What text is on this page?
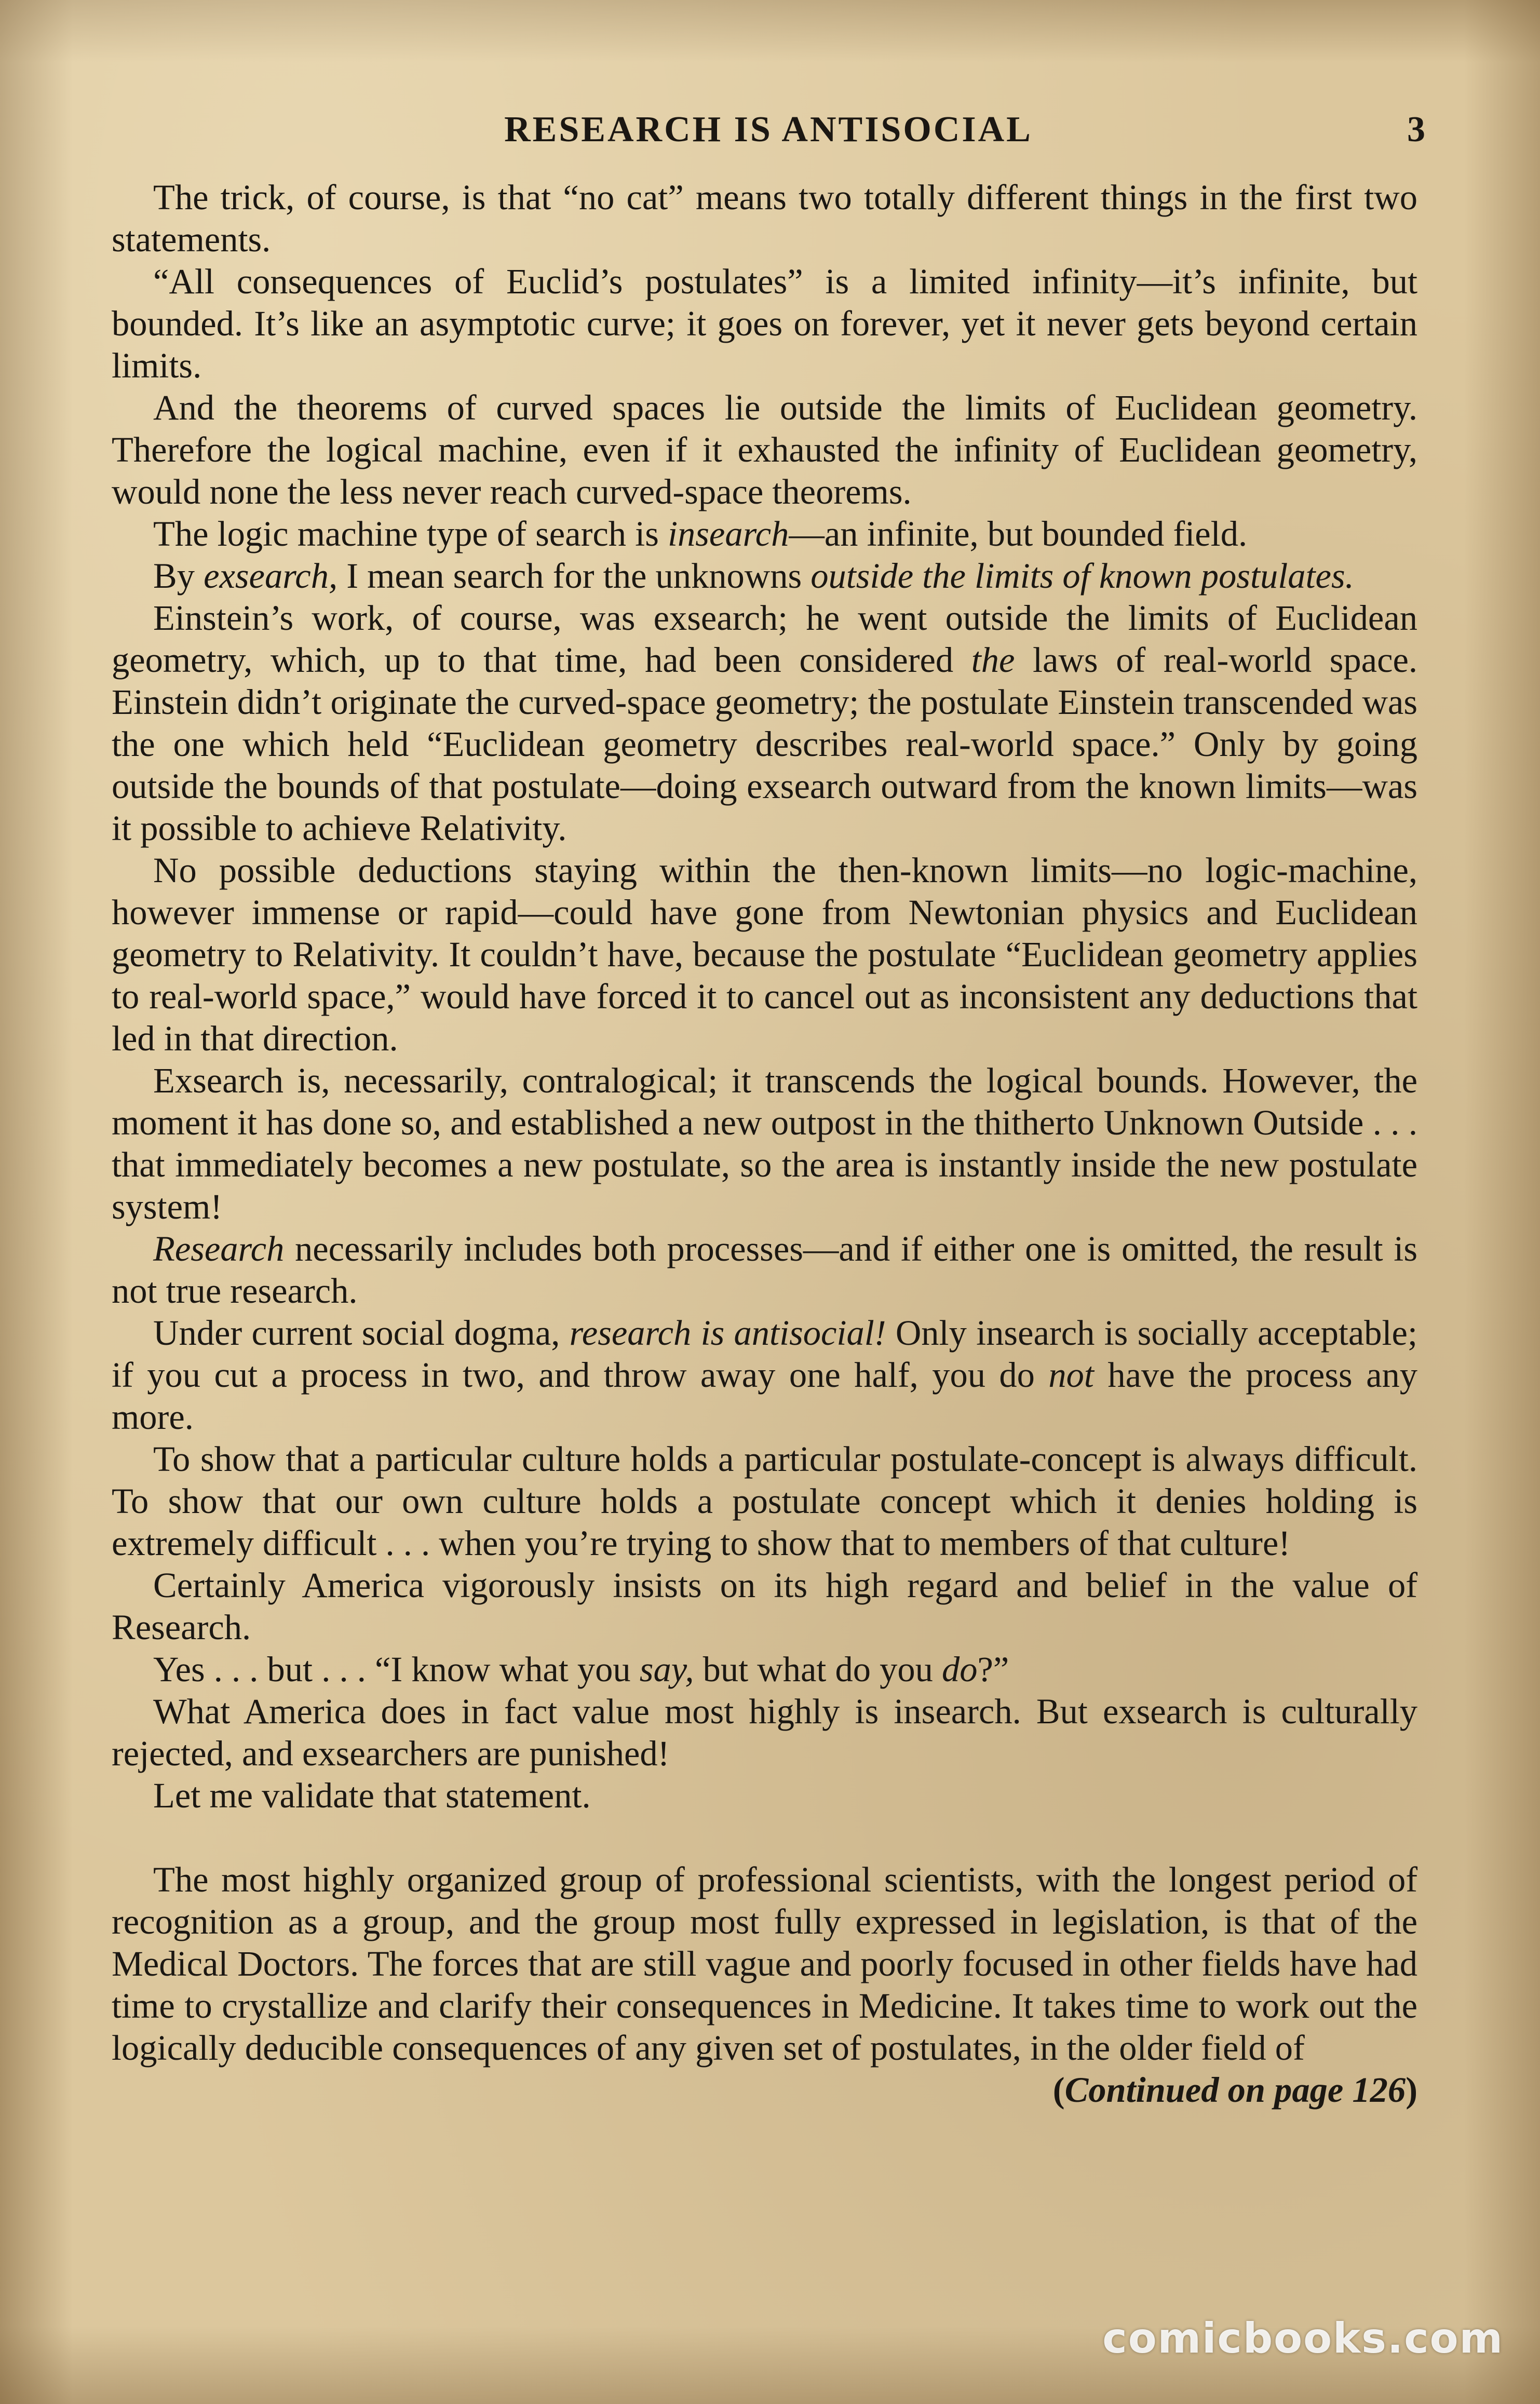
RESEARCH IS ANTISOCIAL	3

The trick, of course, is that “no cat” means two totally different things in the first two statements.

“All consequences of Euclid’s postulates” is a limited infinity—it’s infinite, but bounded. It’s like an asymptotic curve; it goes on forever, yet it never gets beyond certain limits.

And the theorems of curved spaces lie outside the limits of Euclidean geometry. Therefore the logical machine, even if it exhausted the infinity of Euclidean geometry, would none the less never reach curved-space theorems.

The logic machine type of search is insearch—an infinite, but bounded field.

By exsearch, I mean search for the unknowns outside the limits of known postulates.

Einstein’s work, of course, was exsearch; he went outside the limits of Euclidean geometry, which, up to that time, had been considered the laws of real-world space. Einstein didn’t originate the curved-space geometry; the postulate Einstein transcended was the one which held “Euclidean geometry describes real-world space.” Only by going outside the bounds of that postulate—doing exsearch outward from the known limits—was it possible to achieve Relativity.

No possible deductions staying within the then-known limits—no logic-machine, however immense or rapid—could have gone from Newtonian physics and Euclidean geometry to Relativity. It couldn’t have, because the postulate “Euclidean geometry applies to real-world space,” would have forced it to cancel out as inconsistent any deductions that led in that direction.

Exsearch is, necessarily, contralogical; it transcends the logical bounds. However, the moment it has done so, and established a new outpost in the thitherto Unknown Outside . . . that immediately becomes a new postulate, so the area is instantly inside the new postulate system!

Research necessarily includes both processes—and if either one is omitted, the result is not true research.

Under current social dogma, research is antisocial! Only insearch is socially acceptable; if you cut a process in two, and throw away one half, you do not have the process any more.

To show that a particular culture holds a particular postulate-concept is always difficult. To show that our own culture holds a postulate concept which it denies holding is extremely difficult . . . when you’re trying to show that to members of that culture!

Certainly America vigorously insists on its high regard and belief in the value of Research.

Yes . . . but . . . “I know what you say, but what do you do?”

What America does in fact value most highly is insearch. But exsearch is culturally rejected, and exsearchers are punished!

Let me validate that statement.

The most highly organized group of professional scientists, with the longest period of recognition as a group, and the group most fully expressed in legislation, is that of the Medical Doctors. The forces that are still vague and poorly focused in other fields have had time to crystallize and clarify their consequences in Medicine. It takes time to work out the logically deducible consequences of any given set of postulates, in the older field of

(Continued on page 126)

comicbooks.com
